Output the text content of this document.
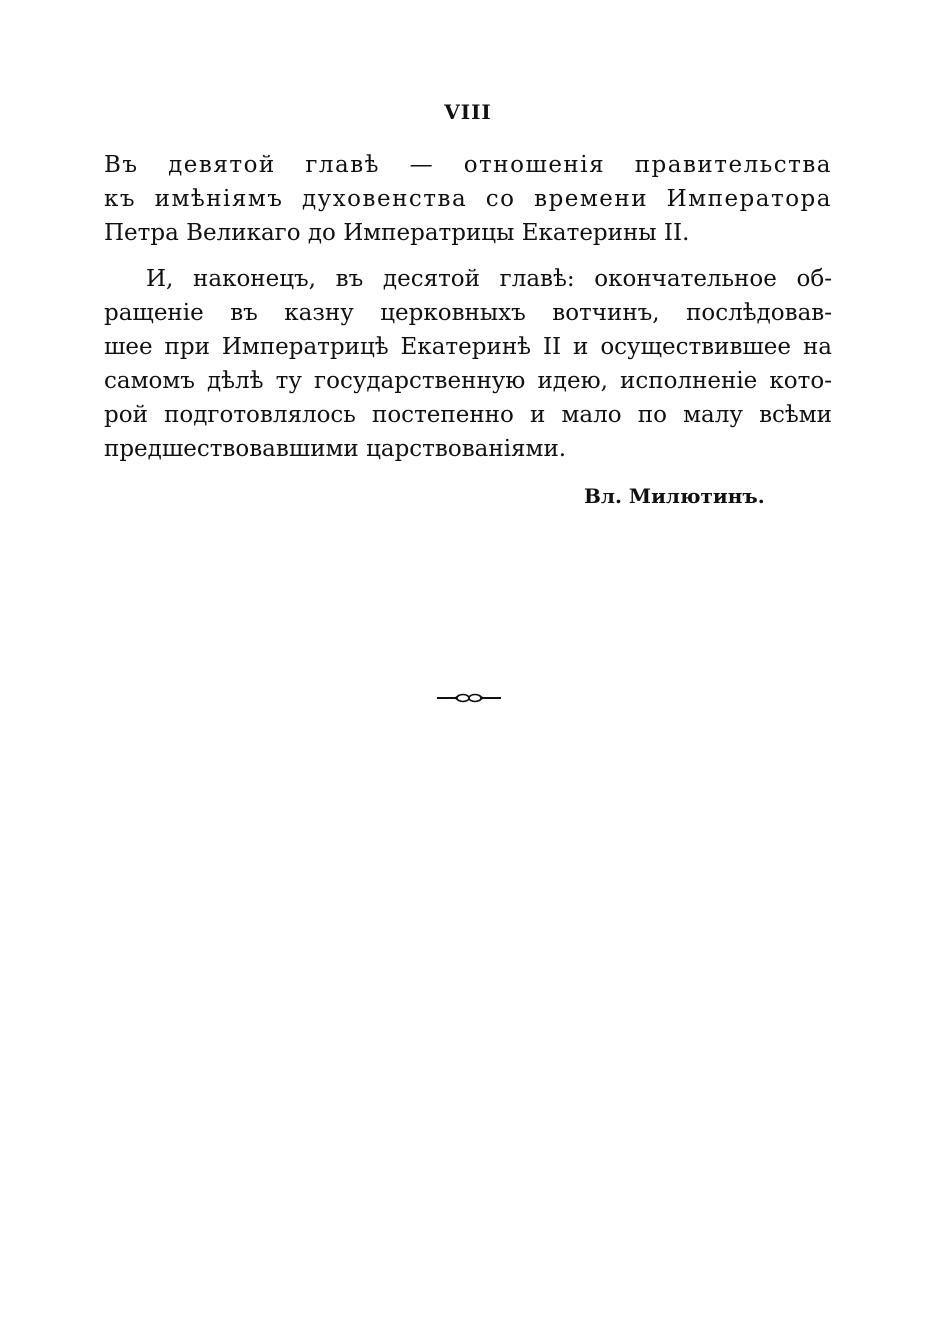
VIII
Въ девятой главѣ — отношенія правительства
къ имѣніямъ духовенства со времени Императора
Петра Великаго до Императрицы Екатерины II.
И, наконецъ, въ десятой главѣ: окончательное об-
ращеніе въ казну церковныхъ вотчинъ, послѣдовав-
шее при Императрицѣ Екатеринѣ II и осуществившее на
самомъ дѣлѣ ту государственную идею, исполненіе кото-
рой подготовлялось постепенно и мало по малу всѣми
предшествовавшими царствованіями.
Вл. Милютинъ.
